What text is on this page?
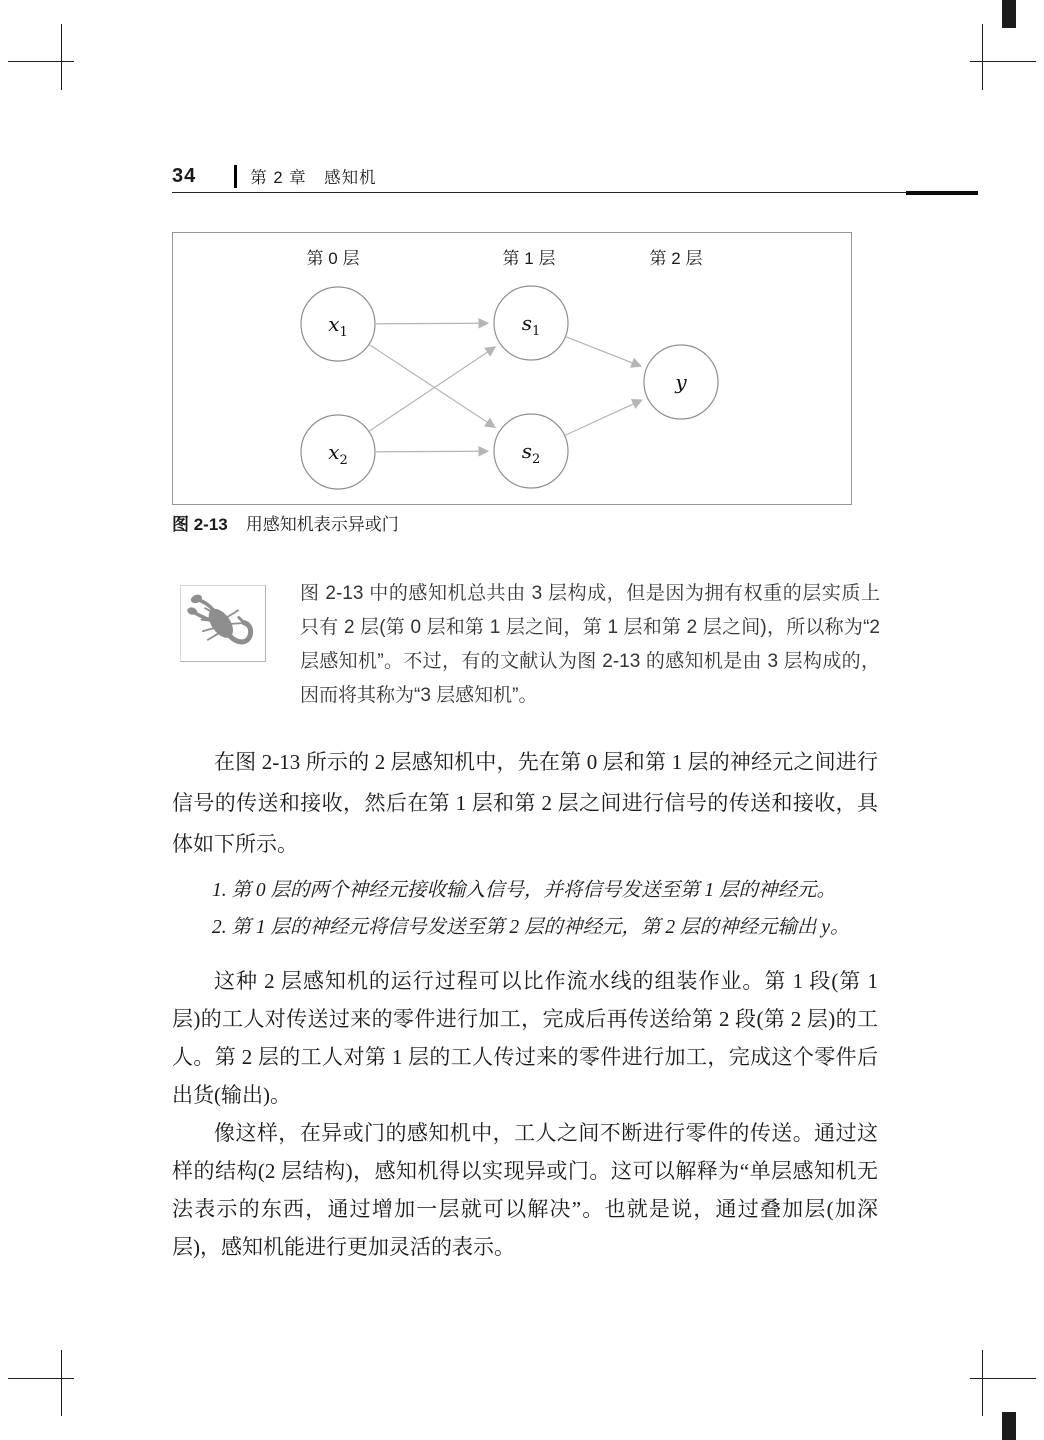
34	第 2 章　感知机
第 0 层	第 1 层	第 2 层
$x_1$
$x_2$
$s_1$
$s_2$
y

图 2-13 用感知机表示异或门

图 2-13 中的感知机总共由 3 层构成，但是因为拥有权重的层实质上只有 2 层(第 0 层和第 1 层之间，第 1 层和第 2 层之间)，所以称为“2 层感知机”。不过，有的文献认为图 2-13 的感知机是由 3 层构成的，因而将其称为“3 层感知机”。

在图 2-13 所示的 2 层感知机中，先在第 0 层和第 1 层的神经元之间进行信号的传送和接收，然后在第 1 层和第 2 层之间进行信号的传送和接收，具体如下所示。

1. 第 0 层的两个神经元接收输入信号，并将信号发送至第 1 层的神经元。
2. 第 1 层的神经元将信号发送至第 2 层的神经元，第 2 层的神经元输出 y。

这种 2 层感知机的运行过程可以比作流水线的组装作业。第 1 段(第 1 层)的工人对传送过来的零件进行加工，完成后再传送给第 2 段(第 2 层)的工人。第 2 层的工人对第 1 层的工人传过来的零件进行加工，完成这个零件后出货(输出)。

像这样，在异或门的感知机中，工人之间不断进行零件的传送。通过这样的结构(2 层结构)，感知机得以实现异或门。这可以解释为“单层感知机无法表示的东西，通过增加一层就可以解决”。也就是说，通过叠加层(加深层)，感知机能进行更加灵活的表示。
